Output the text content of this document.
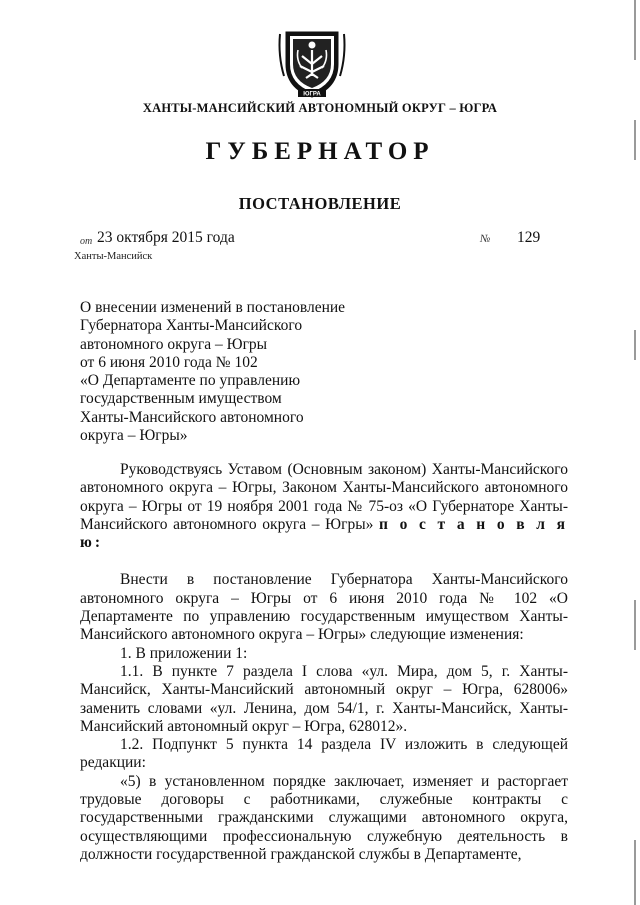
ЮГРА
ХАНТЫ-МАНСИЙСКИЙ АВТОНОМНЫЙ ОКРУГ – ЮГРА
ГУБЕРНАТОР
ПОСТАНОВЛЕНИЕ
от 23 октября 2015 года	№ 129
Ханты-Мансийск
О внесении изменений в постановление
Губернатора Ханты-Мансийского
автономного округа – Югры
от 6 июня 2010 года № 102
«О Департаменте по управлению
государственным имуществом
Ханты-Мансийского автономного
округа – Югры»

Руководствуясь Уставом (Основным законом) Ханты-Мансийского автономного округа – Югры, Законом Ханты-Мансийского автономного округа – Югры от 19 ноября 2001 года № 75-оз «О Губернаторе Ханты-Мансийского автономного округа – Югры» п о с т а н о в л я ю:

Внести в постановление Губернатора Ханты-Мансийского автономного округа – Югры от 6 июня 2010 года № 102 «О Департаменте по управлению государственным имуществом Ханты-Мансийского автономного округа – Югры» следующие изменения:

1. В приложении 1:

1.1. В пункте 7 раздела I слова «ул. Мира, дом 5, г. Ханты-Мансийск, Ханты-Мансийский автономный округ – Югра, 628006» заменить словами «ул. Ленина, дом 54/1, г. Ханты-Мансийск, Ханты-Мансийский автономный округ – Югра, 628012».

1.2. Подпункт 5 пункта 14 раздела IV изложить в следующей редакции:

«5) в установленном порядке заключает, изменяет и расторгает трудовые договоры с работниками, служебные контракты с государственными гражданскими служащими автономного округа, осуществляющими профессиональную служебную деятельность в должности государственной гражданской службы в Департаменте,
